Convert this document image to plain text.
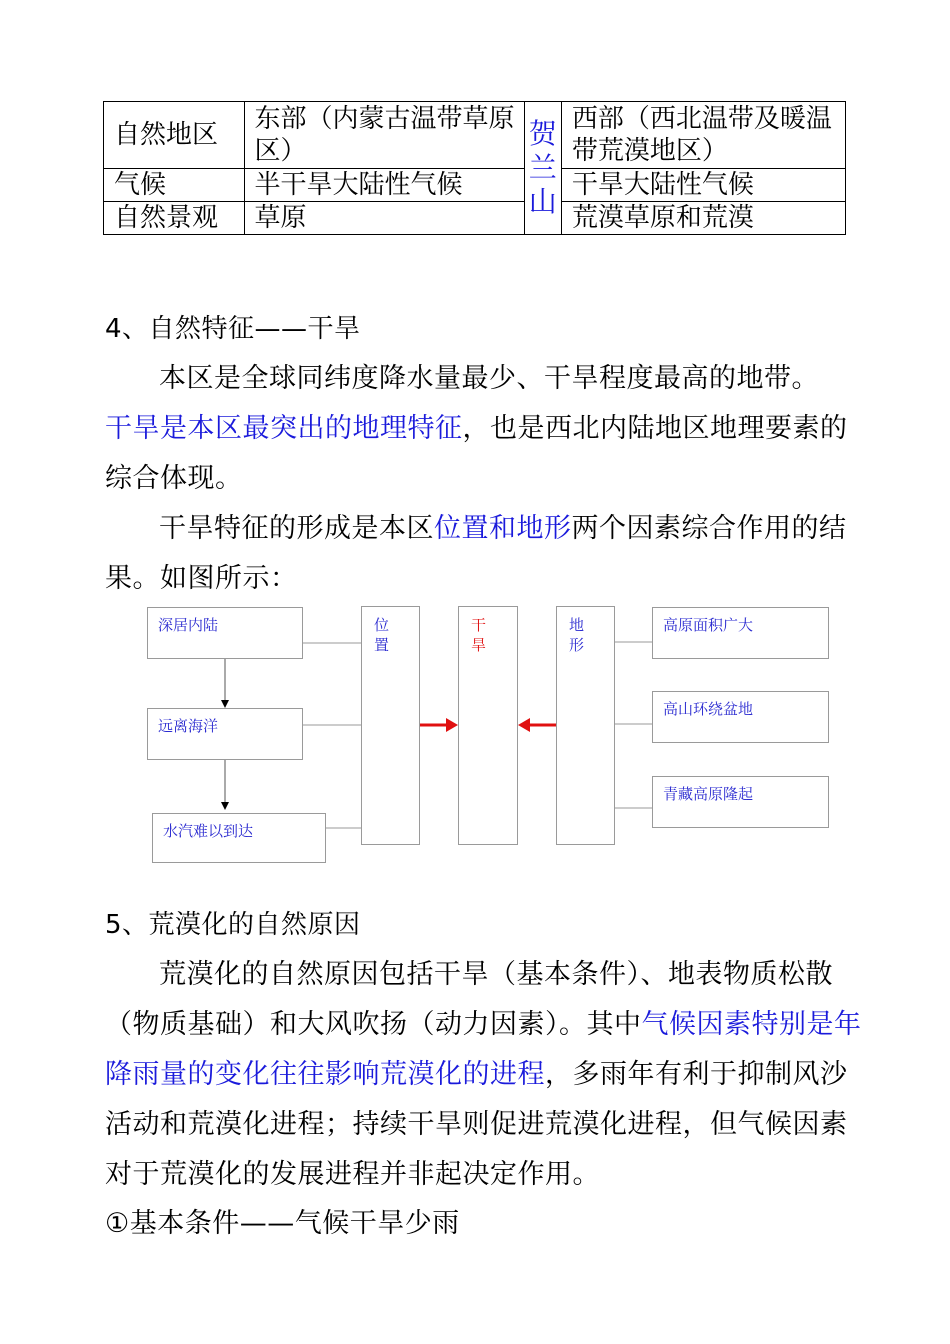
自然地区	东部（内蒙古温带草原区）	贺兰山	西部（西北温带及暖温带荒漠地区）
气候	半干旱大陆性气候		干旱大陆性气候
自然景观	草原		荒漠草原和荒漠
4、自然特征——干旱
本区是全球同纬度降水量最少、干旱程度最高的地带。
干旱是本区最突出的地理特征，也是西北内陆地区地理要素的综合体现。
干旱特征的形成是本区位置和地形两个因素综合作用的结果。如图所示：
深居内陆
远离海洋
水汽难以到达
位置
干旱
地形
高原面积广大
高山环绕盆地
青藏高原隆起
5、荒漠化的自然原因
荒漠化的自然原因包括干旱（基本条件）、地表物质松散（物质基础）和大风吹扬（动力因素）。其中气候因素特别是年降雨量的变化往往影响荒漠化的进程，多雨年有利于抑制风沙活动和荒漠化进程；持续干旱则促进荒漠化进程，但气候因素对于荒漠化的发展进程并非起决定作用。
①基本条件——气候干旱少雨
